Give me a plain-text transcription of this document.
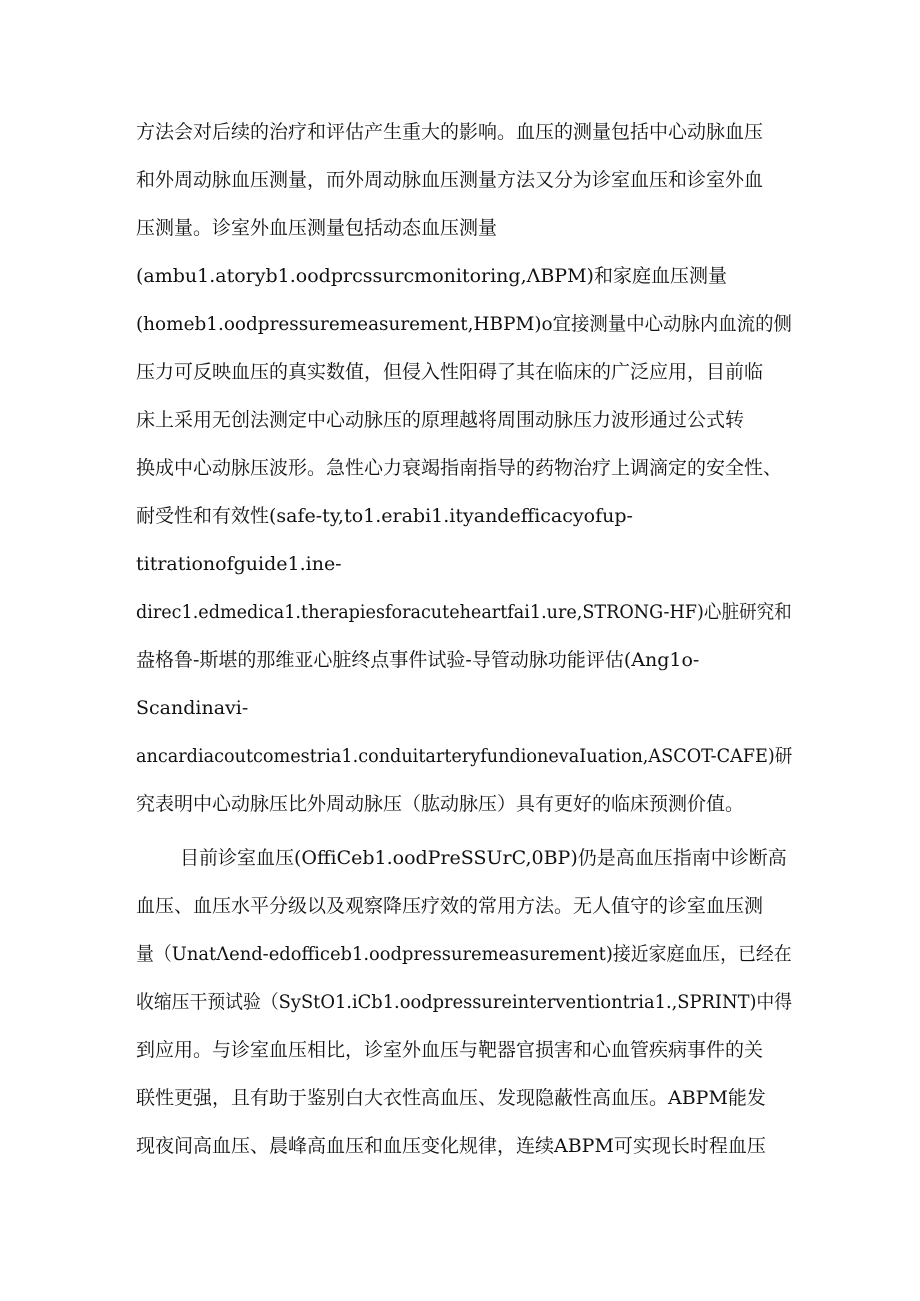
方法会对后续的治疗和评估产生重大的影响。血压的测量包括中心动脉血压
和外周动脉血压测量，而外周动脉血压测量方法又分为诊室血压和诊室外血
压测量。诊室外血压测量包括动态血压测量
(ambu1.atoryb1.oodprcssurcmonitoring,ΛBPM)和家庭血压测量
(homeb1.oodpressuremeasurement,HBPM)o宜接测量中心动脉内血流的侧
压力可反映血压的真实数值，但侵入性阳碍了其在临床的广泛应用，目前临
床上采用无创法测定中心动脉压的原理越将周围动脉压力波形通过公式转
换成中心动脉压波形。急性心力衰竭指南指导的药物治疗上调滴定的安全性、
耐受性和有效性(safe-ty,to1.erabi1.ityandefficacyofup-
titrationofguide1.ine-
direc1.edmedica1.therapiesforacuteheartfai1.ure,STRONG-HF)心脏研究和
盎格鲁-斯堪的那维亚心脏终点事件试验-导管动脉功能评估(Ang1o-
Scandinavi-
ancardiacoutcomestria1.conduitarteryfundionevaIuation,ASCOT-CAFE)研
究表明中心动脉压比外周动脉压（肱动脉压）具有更好的临床预测价值。
目前诊室血压(OffiCeb1.oodPreSSUrC,0BP)仍是高血压指南中诊断高
血压、血压水平分级以及观察降压疗效的常用方法。无人值守的诊室血压测
量（UnatΛend-edofficeb1.oodpressuremeasurement)接近家庭血压，已经在
收缩压干预试验（SyStO1.iCb1.oodpressureinterventiontria1.,SPRINT)中得
到应用。与诊室血压相比，诊室外血压与靶器官损害和心血管疾病事件的关
联性更强，且有助于鉴别白大衣性高血压、发现隐蔽性高血压。ABPM能发
现夜间高血压、晨峰高血压和血压变化规律，连续ABPM可实现长时程血压
